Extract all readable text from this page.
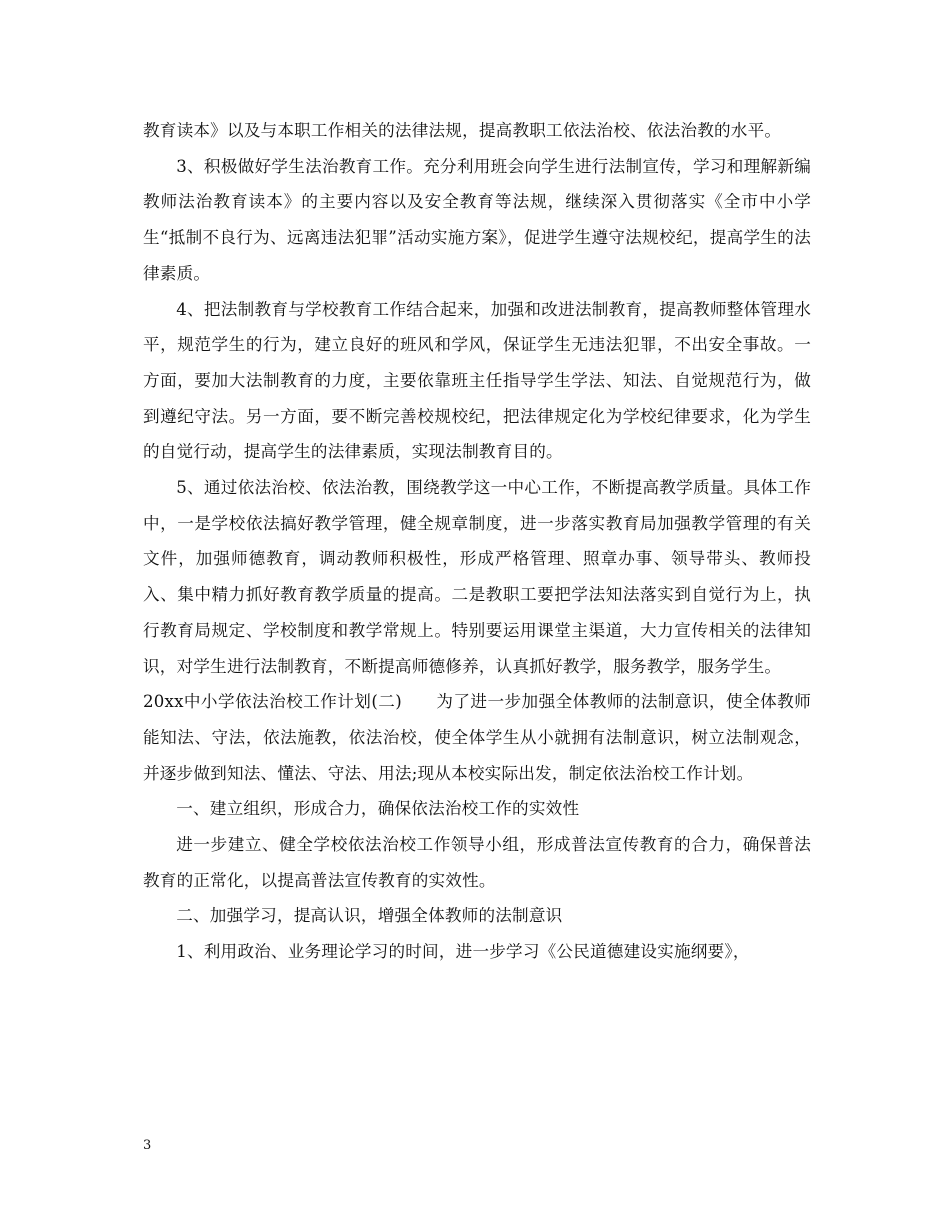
教育读本》以及与本职工作相关的法律法规，提高教职工依法治校、依法治教的水平。

3、积极做好学生法治教育工作。充分利用班会向学生进行法制宣传，学习和理解新编教师法治教育读本》的主要内容以及安全教育等法规，继续深入贯彻落实《全市中小学生“抵制不良行为、远离违法犯罪”活动实施方案》，促进学生遵守法规校纪，提高学生的法律素质。

4、把法制教育与学校教育工作结合起来，加强和改进法制教育，提高教师整体管理水平，规范学生的行为，建立良好的班风和学风，保证学生无违法犯罪，不出安全事故。一方面，要加大法制教育的力度，主要依靠班主任指导学生学法、知法、自觉规范行为，做到遵纪守法。另一方面，要不断完善校规校纪，把法律规定化为学校纪律要求，化为学生的自觉行动，提高学生的法律素质，实现法制教育目的。

5、通过依法治校、依法治教，围绕教学这一中心工作，不断提高教学质量。具体工作中，一是学校依法搞好教学管理，健全规章制度，进一步落实教育局加强教学管理的有关文件，加强师德教育，调动教师积极性，形成严格管理、照章办事、领导带头、教师投入、集中精力抓好教育教学质量的提高。二是教职工要把学法知法落实到自觉行为上，执行教育局规定、学校制度和教学常规上。特别要运用课堂主渠道，大力宣传相关的法律知识，对学生进行法制教育，不断提高师德修养，认真抓好教学，服务教学，服务学生。

20xx中小学依法治校工作计划(二)　　为了进一步加强全体教师的法制意识，使全体教师能知法、守法，依法施教，依法治校，使全体学生从小就拥有法制意识，树立法制观念，并逐步做到知法、懂法、守法、用法;现从本校实际出发，制定依法治校工作计划。

一、建立组织，形成合力，确保依法治校工作的实效性

进一步建立、健全学校依法治校工作领导小组，形成普法宣传教育的合力，确保普法教育的正常化，以提高普法宣传教育的实效性。

二、加强学习，提高认识，增强全体教师的法制意识

1、利用政治、业务理论学习的时间，进一步学习《公民道德建设实施纲要》，

3
